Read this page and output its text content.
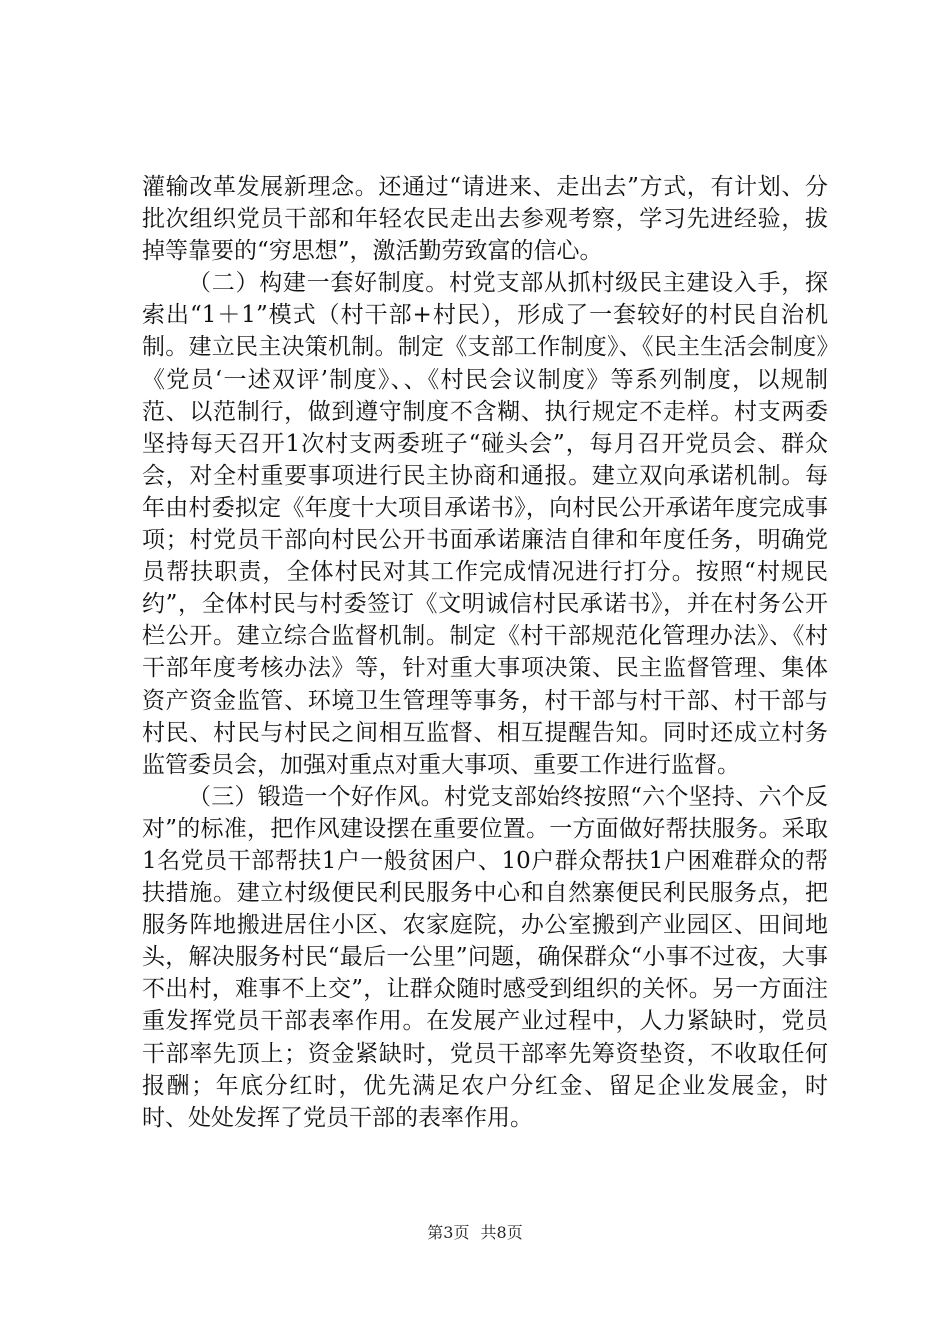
灌输改革发展新理念。还通过“请进来、走出去”方式，有计划、分批次组织党员干部和年轻农民走出去参观考察，学习先进经验，拔掉等靠要的“穷思想”，激活勤劳致富的信心。

（二）构建一套好制度。村党支部从抓村级民主建设入手，探索出“1＋1”模式（村干部+村民），形成了一套较好的村民自治机制。建立民主决策机制。制定《支部工作制度》、《民主生活会制度》《党员‘一述双评’制度》、、《村民会议制度》等系列制度，以规制范、以范制行，做到遵守制度不含糊、执行规定不走样。村支两委坚持每天召开1次村支两委班子“碰头会”，每月召开党员会、群众会，对全村重要事项进行民主协商和通报。建立双向承诺机制。每年由村委拟定《年度十大项目承诺书》，向村民公开承诺年度完成事项；村党员干部向村民公开书面承诺廉洁自律和年度任务，明确党员帮扶职责，全体村民对其工作完成情况进行打分。按照“村规民约”，全体村民与村委签订《文明诚信村民承诺书》，并在村务公开栏公开。建立综合监督机制。制定《村干部规范化管理办法》、《村干部年度考核办法》等，针对重大事项决策、民主监督管理、集体资产资金监管、环境卫生管理等事务，村干部与村干部、村干部与村民、村民与村民之间相互监督、相互提醒告知。同时还成立村务监管委员会，加强对重点对重大事项、重要工作进行监督。

（三）锻造一个好作风。村党支部始终按照“六个坚持、六个反对”的标准，把作风建设摆在重要位置。一方面做好帮扶服务。采取1名党员干部帮扶1户一般贫困户、10户群众帮扶1户困难群众的帮扶措施。建立村级便民利民服务中心和自然寨便民利民服务点，把服务阵地搬进居住小区、农家庭院，办公室搬到产业园区、田间地头，解决服务村民“最后一公里”问题，确保群众“小事不过夜，大事不出村，难事不上交”，让群众随时感受到组织的关怀。另一方面注重发挥党员干部表率作用。在发展产业过程中，人力紧缺时，党员干部率先顶上；资金紧缺时，党员干部率先筹资垫资，不收取任何报酬；年底分红时，优先满足农户分红金、留足企业发展金，时时、处处发挥了党员干部的表率作用。

第3页 共8页
